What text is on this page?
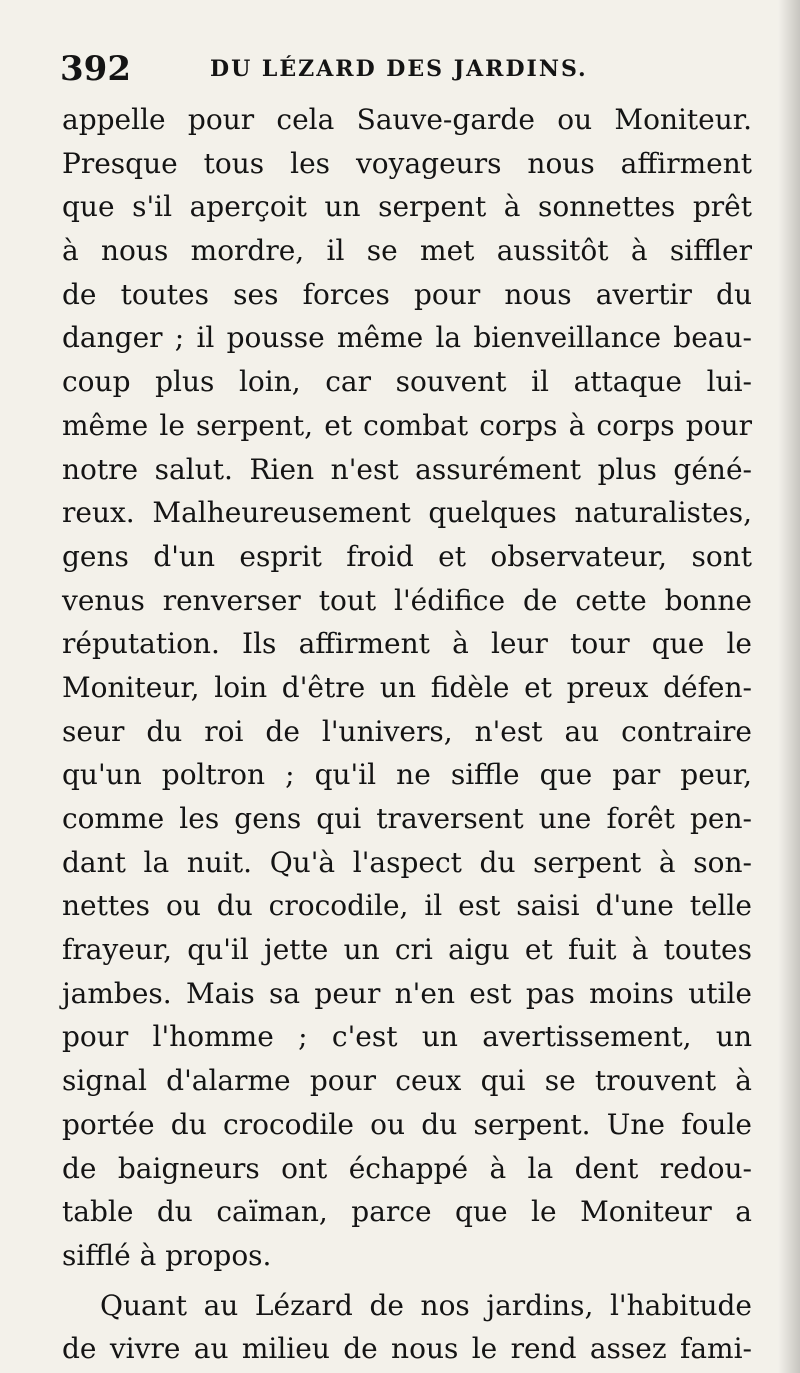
392	DU LÉZARD DES JARDINS.
appelle pour cela Sauve-garde ou Moniteur.
Presque tous les voyageurs nous affirment
que s'il aperçoit un serpent à sonnettes prêt
à nous mordre, il se met aussitôt à siffler
de toutes ses forces pour nous avertir du
danger ; il pousse même la bienveillance beau-
coup plus loin, car souvent il attaque lui-
même le serpent, et combat corps à corps pour
notre salut. Rien n'est assurément plus géné-
reux. Malheureusement quelques naturalistes,
gens d'un esprit froid et observateur, sont
venus renverser tout l'édifice de cette bonne
réputation. Ils affirment à leur tour que le
Moniteur, loin d'être un fidèle et preux défen-
seur du roi de l'univers, n'est au contraire
qu'un poltron ; qu'il ne siffle que par peur,
comme les gens qui traversent une forêt pen-
dant la nuit. Qu'à l'aspect du serpent à son-
nettes ou du crocodile, il est saisi d'une telle
frayeur, qu'il jette un cri aigu et fuit à toutes
jambes. Mais sa peur n'en est pas moins utile
pour l'homme ; c'est un avertissement, un
signal d'alarme pour ceux qui se trouvent à
portée du crocodile ou du serpent. Une foule
de baigneurs ont échappé à la dent redou-
table du caïman, parce que le Moniteur a
sifflé à propos.
Quant au Lézard de nos jardins, l'habitude
de vivre au milieu de nous le rend assez fami-
